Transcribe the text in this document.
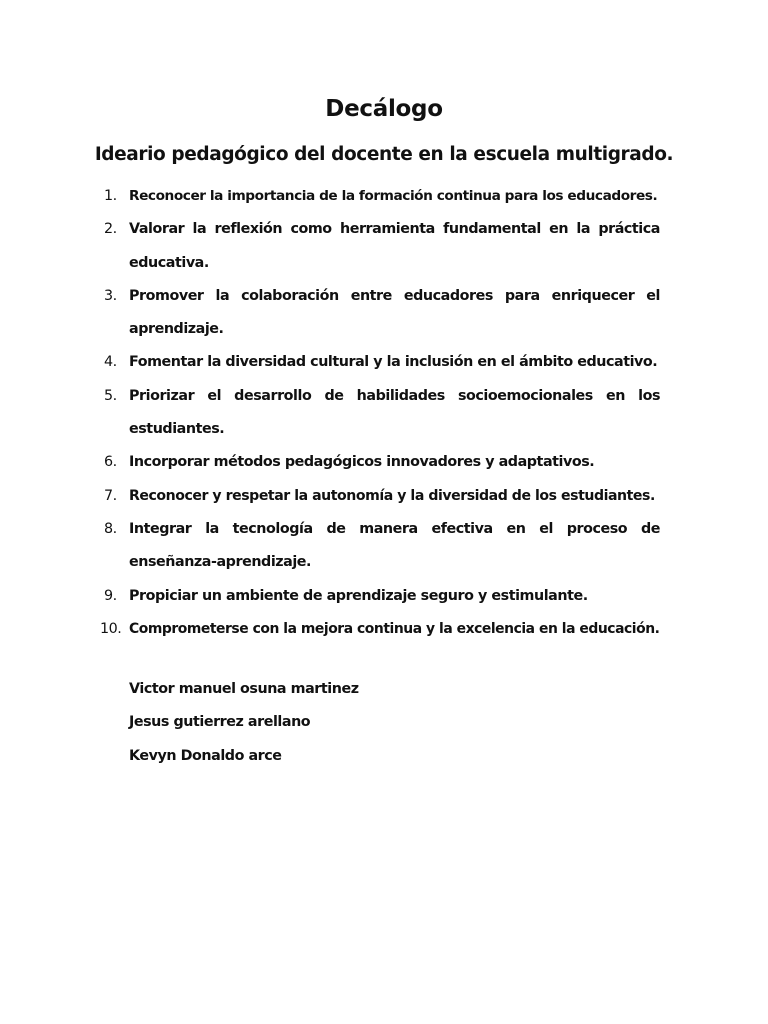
Decálogo
Ideario pedagógico del docente en la escuela multigrado.
1. Reconocer la importancia de la formación continua para los educadores.
2. Valorar la reflexión como herramienta fundamental en la práctica educativa.
3. Promover la colaboración entre educadores para enriquecer el aprendizaje.
4. Fomentar la diversidad cultural y la inclusión en el ámbito educativo.
5. Priorizar el desarrollo de habilidades socioemocionales en los estudiantes.
6. Incorporar métodos pedagógicos innovadores y adaptativos.
7. Reconocer y respetar la autonomía y la diversidad de los estudiantes.
8. Integrar la tecnología de manera efectiva en el proceso de enseñanza-aprendizaje.
9. Propiciar un ambiente de aprendizaje seguro y estimulante.
10. Comprometerse con la mejora continua y la excelencia en la educación.
Victor manuel osuna martinez
Jesus gutierrez arellano
Kevyn Donaldo arce
